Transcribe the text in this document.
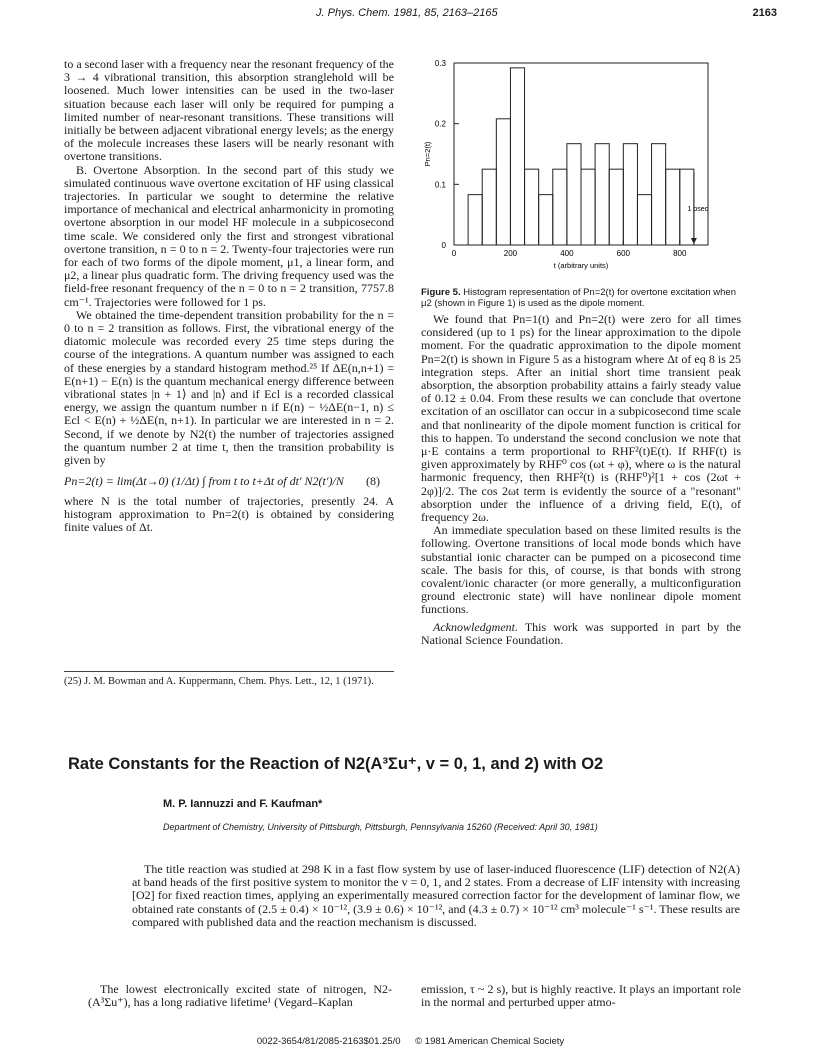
J. Phys. Chem. 1981, 85, 2163–2165	2163

to a second laser with a frequency near the resonant frequency of the 3 → 4 vibrational transition, this absorption stranglehold will be loosened. Much lower intensities can be used in the two-laser situation because each laser will only be required for pumping a limited number of near-resonant transitions. These transitions will initially be between adjacent vibrational energy levels; as the energy of the molecule increases these lasers will be nearly resonant with overtone transitions.

B. Overtone Absorption. In the second part of this study we simulated continuous wave overtone excitation of HF using classical trajectories. In particular we sought to determine the relative importance of mechanical and electrical anharmonicity in promoting overtone absorption in our model HF molecule in a subpicosecond time scale. We considered only the first and strongest vibrational overtone transition, n = 0 to n = 2. Twenty-four trajectories were run for each of two forms of the dipole moment, μ1, a linear form, and μ2, a linear plus quadratic form. The driving frequency used was the field-free resonant frequency of the n = 0 to n = 2 transition, 7757.8 cm⁻¹. Trajectories were followed for 1 ps.

We obtained the time-dependent transition probability for the n = 0 to n = 2 transition as follows. First, the vibrational energy of the diatomic molecule was recorded every 25 time steps during the course of the integrations. A quantum number was assigned to each of these energies by a standard histogram method.²⁵ If ΔE(n,n+1) = E(n+1) − E(n) is the quantum mechanical energy difference between vibrational states |n + 1⟩ and |n⟩ and if Ecl is a recorded classical energy, we assign the quantum number n if E(n) − ½ΔE(n−1, n) ≤ Ecl < E(n) + ½ΔE(n, n+1). In particular we are interested in n = 2. Second, if we denote by N2(t) the number of trajectories assigned the quantum number 2 at time t, then the transition probability is given by

Pn=2(t) = lim(Δt→0) (1/Δt) ∫ from t to t+Δt of dt′ N2(t′)/N (8)

where N is the total number of trajectories, presently 24. A histogram approximation to Pn=2(t) is obtained by considering finite values of Δt.

(25) J. M. Bowman and A. Kuppermann, Chem. Phys. Lett., 12, 1 (1971).
0	200	400	600	800
0
0.1
0.2
0.3
t (arbitrary units)
Pn=2(t)
1 psec
Figure 5. Histogram representation of Pn=2(t) for overtone excitation when μ2 (shown in Figure 1) is used as the dipole moment.

We found that Pn=1(t) and Pn=2(t) were zero for all times considered (up to 1 ps) for the linear approximation to the dipole moment. For the quadratic approximation to the dipole moment Pn=2(t) is shown in Figure 5 as a histogram where Δt of eq 8 is 25 integration steps. After an initial short time transient peak absorption, the absorption probability attains a fairly steady value of 0.12 ± 0.04. From these results we can conclude that overtone excitation of an oscillator can occur in a subpicosecond time scale and that nonlinearity of the dipole moment function is critical for this to happen. To understand the second conclusion we note that μ·E contains a term proportional to RHF²(t)E(t). If RHF(t) is given approximately by RHF⁰ cos (ωt + φ), where ω is the natural harmonic frequency, then RHF²(t) is (RHF⁰)²[1 + cos (2ωt + 2φ)]/2. The cos 2ωt term is evidently the source of a "resonant" absorption under the influence of a driving field, E(t), of frequency 2ω.

An immediate speculation based on these limited results is the following. Overtone transitions of local mode bonds which have substantial ionic character can be pumped on a picosecond time scale. The basis for this, of course, is that bonds with strong covalent/ionic character (or more generally, a multiconfiguration ground electronic state) will have nonlinear dipole moment functions.

Acknowledgment. This work was supported in part by the National Science Foundation.

Rate Constants for the Reaction of N2(A³Σu⁺, v = 0, 1, and 2) with O2
M. P. Iannuzzi and F. Kaufman*
Department of Chemistry, University of Pittsburgh, Pittsburgh, Pennsylvania 15260 (Received: April 30, 1981)
The title reaction was studied at 298 K in a fast flow system by use of laser-induced fluorescence (LIF) detection of N2(A) at band heads of the first positive system to monitor the v = 0, 1, and 2 states. From a decrease of LIF intensity with increasing [O2] for fixed reaction times, applying an experimentally measured correction factor for the development of laminar flow, we obtained rate constants of (2.5 ± 0.4) × 10⁻¹², (3.9 ± 0.6) × 10⁻¹², and (4.3 ± 0.7) × 10⁻¹² cm³ molecule⁻¹ s⁻¹. These results are compared with published data and the reaction mechanism is discussed.
The lowest electronically excited state of nitrogen, N2-(A³Σu⁺), has a long radiative lifetime¹ (Vegard–Kaplan
emission, τ ~ 2 s), but is highly reactive. It plays an important role in the normal and perturbed upper atmo-
0022-3654/81/2085-2163$01.25/0 © 1981 American Chemical Society
